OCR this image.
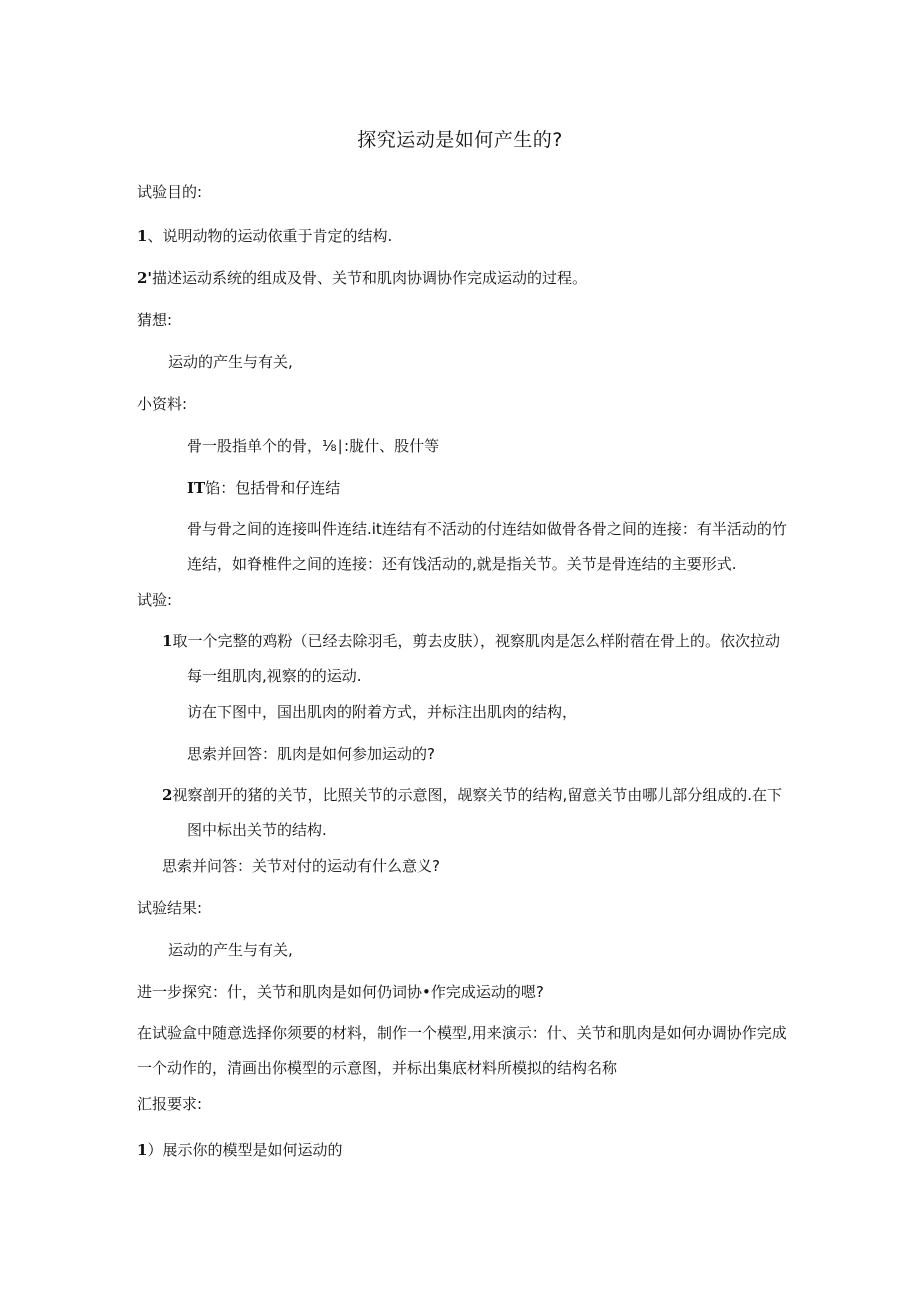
探究运动是如何产生的?
试验目的:
1、说明动物的运动依重于肯定的结构.
2'描述运动系统的组成及骨、关节和肌肉协调协作完成运动的过程。
猜想:
运动的产生与有关,
小资料:
骨一股指单个的骨，⅛∣:胧什、股什等
IT馅：包括骨和仔连结
骨与骨之间的连接叫件连结.it连结有不活动的付连结如做骨各骨之间的连接：有半活动的竹连结，如脊椎件之间的连接：还有饯活动的,就是指关节。关节是骨连结的主要形式.
试验:
1取一个完整的鸡粉（已经去除羽毛，剪去皮肤），视察肌肉是怎么样附蓿在骨上的。依次拉动每一组肌肉,视察的的运动.
访在下图中，国出肌肉的附着方式，并标注出肌肉的结构，
思索并回答：肌肉是如何参加运动的?
2视察剖开的猪的关节，比照关节的示意图，觇察关节的结构,留意关节由哪儿部分组成的.在下图中标出关节的结构.
思索并问答：关节对付的运动有什么意义?
试验结果:
运动的产生与有关,
进一步探究：什，关节和肌肉是如何仍词协•作完成运动的嗯?
在试验盒中随意选择你须要的材料，制作一个模型,用来演示：什、关节和肌肉是如何办调协作完成一个动作的，清画出你模型的示意图，并标出集底材料所模拟的结构名称
汇报要求:
1）展示你的模型是如何运动的
